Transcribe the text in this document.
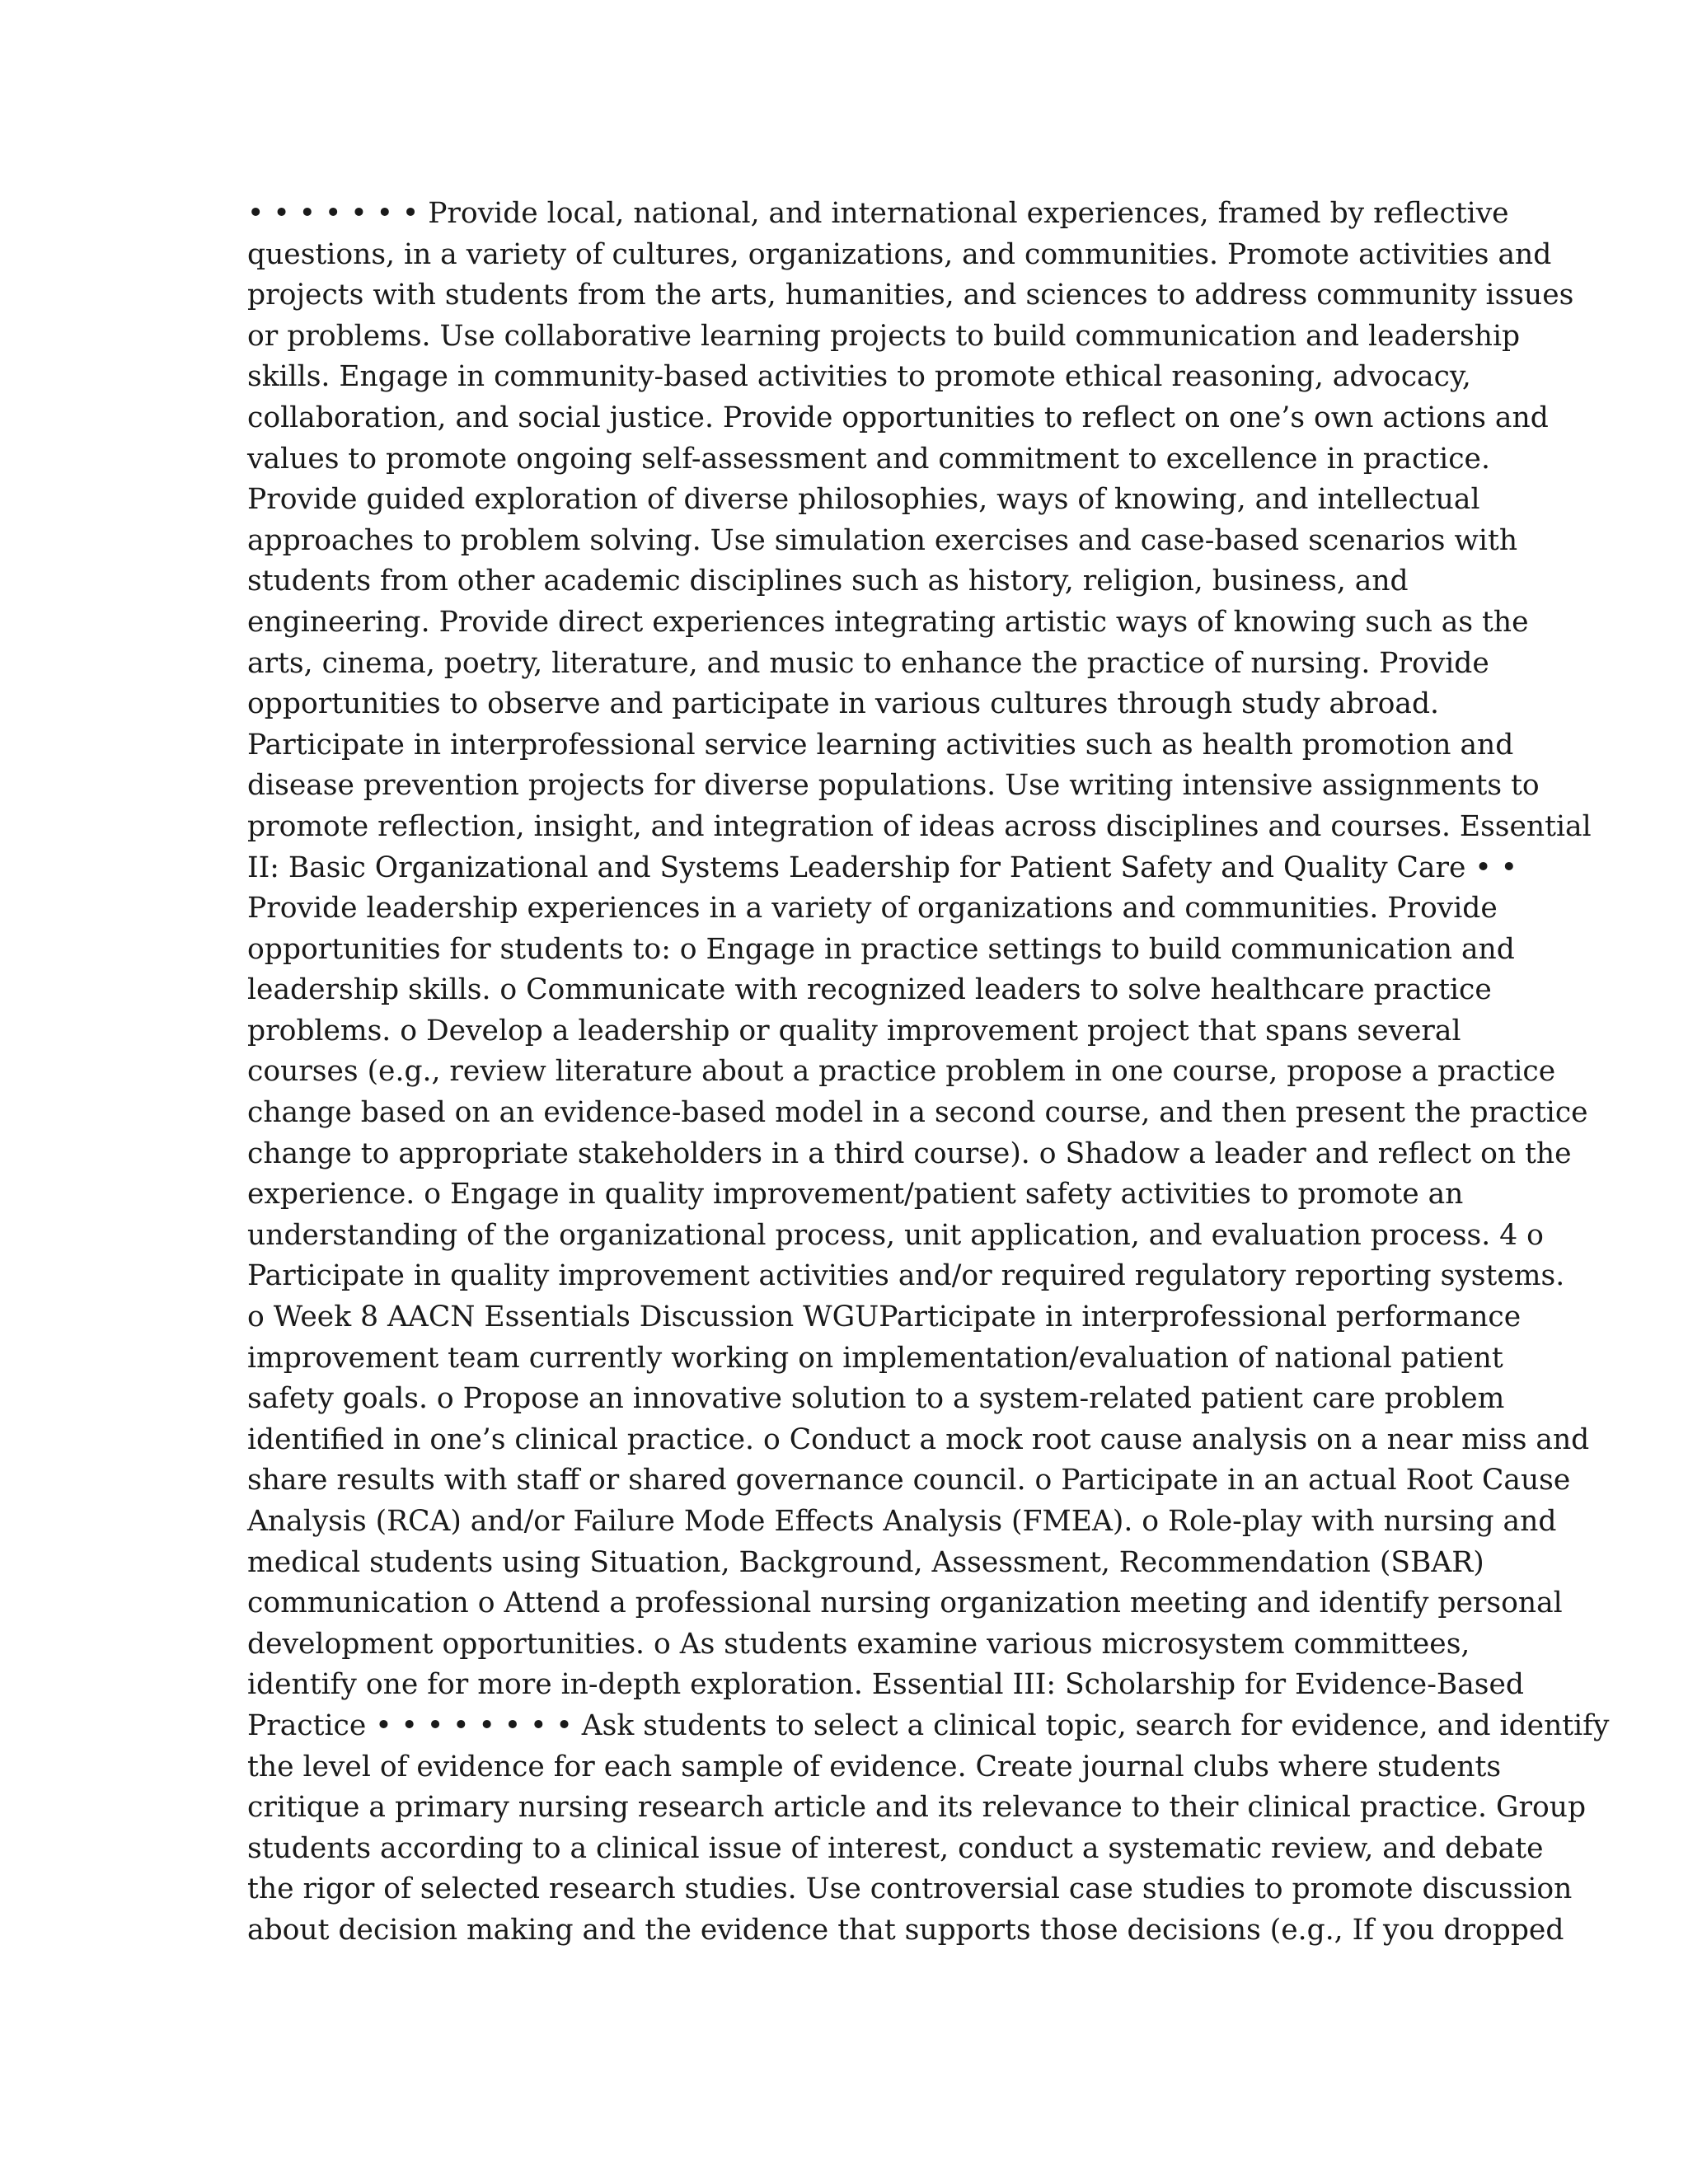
• • • • • • • Provide local, national, and international experiences, framed by reflective
questions, in a variety of cultures, organizations, and communities. Promote activities and
projects with students from the arts, humanities, and sciences to address community issues
or problems. Use collaborative learning projects to build communication and leadership
skills. Engage in community-based activities to promote ethical reasoning, advocacy,
collaboration, and social justice. Provide opportunities to reflect on one’s own actions and
values to promote ongoing self-assessment and commitment to excellence in practice.
Provide guided exploration of diverse philosophies, ways of knowing, and intellectual
approaches to problem solving. Use simulation exercises and case-based scenarios with
students from other academic disciplines such as history, religion, business, and
engineering. Provide direct experiences integrating artistic ways of knowing such as the
arts, cinema, poetry, literature, and music to enhance the practice of nursing. Provide
opportunities to observe and participate in various cultures through study abroad.
Participate in interprofessional service learning activities such as health promotion and
disease prevention projects for diverse populations. Use writing intensive assignments to
promote reflection, insight, and integration of ideas across disciplines and courses. Essential
II: Basic Organizational and Systems Leadership for Patient Safety and Quality Care • •
Provide leadership experiences in a variety of organizations and communities. Provide
opportunities for students to: o Engage in practice settings to build communication and
leadership skills. o Communicate with recognized leaders to solve healthcare practice
problems. o Develop a leadership or quality improvement project that spans several
courses (e.g., review literature about a practice problem in one course, propose a practice
change based on an evidence-based model in a second course, and then present the practice
change to appropriate stakeholders in a third course). o Shadow a leader and reflect on the
experience. o Engage in quality improvement/patient safety activities to promote an
understanding of the organizational process, unit application, and evaluation process. 4 o
Participate in quality improvement activities and/or required regulatory reporting systems.
o Week 8 AACN Essentials Discussion WGUParticipate in interprofessional performance
improvement team currently working on implementation/evaluation of national patient
safety goals. o Propose an innovative solution to a system-related patient care problem
identified in one’s clinical practice. o Conduct a mock root cause analysis on a near miss and
share results with staff or shared governance council. o Participate in an actual Root Cause
Analysis (RCA) and/or Failure Mode Effects Analysis (FMEA). o Role-play with nursing and
medical students using Situation, Background, Assessment, Recommendation (SBAR)
communication o Attend a professional nursing organization meeting and identify personal
development opportunities. o As students examine various microsystem committees,
identify one for more in-depth exploration. Essential III: Scholarship for Evidence-Based
Practice • • • • • • • • Ask students to select a clinical topic, search for evidence, and identify
the level of evidence for each sample of evidence. Create journal clubs where students
critique a primary nursing research article and its relevance to their clinical practice. Group
students according to a clinical issue of interest, conduct a systematic review, and debate
the rigor of selected research studies. Use controversial case studies to promote discussion
about decision making and the evidence that supports those decisions (e.g., If you dropped
